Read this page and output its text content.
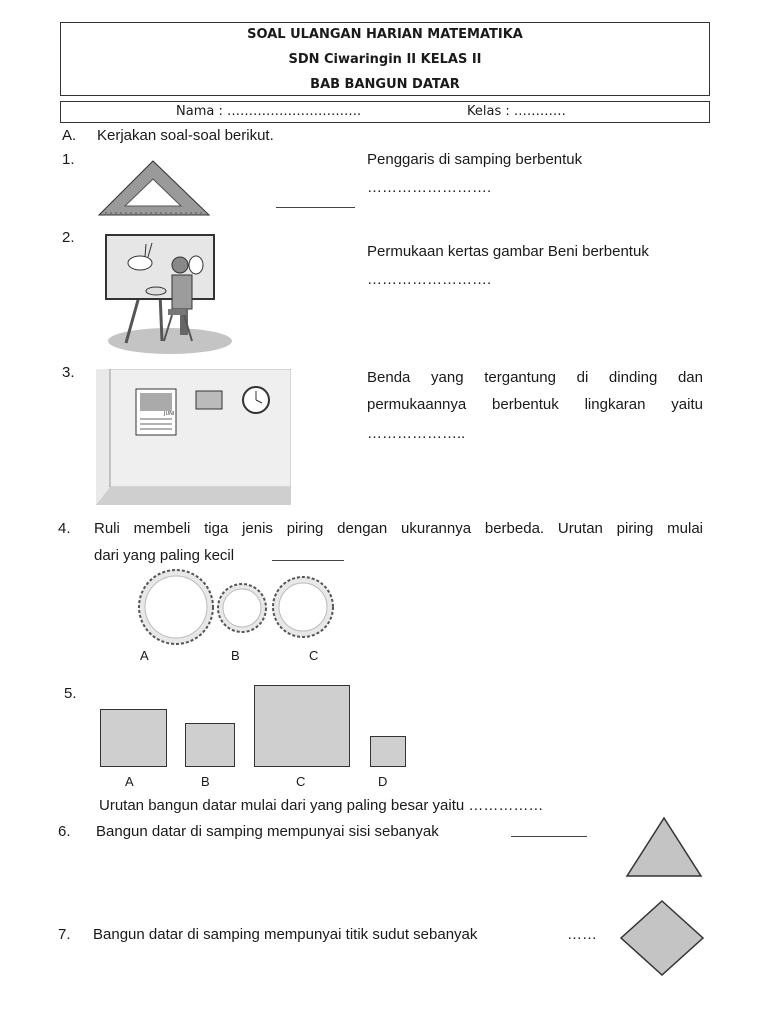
SOAL ULANGAN HARIAN MATEMATIKA
SDN Ciwaringin II KELAS II
BAB BANGUN DATAR
Nama : ………………………….	Kelas : …………
A. Kerjakan soal-soal berikut.
1.	Penggaris di samping berbentuk
…………………….
2.
Permukaan kertas gambar Beni berbentuk
…………………….
3.
JUNI
Benda yang tergantung di dinding dan
permukaannya berbentuk lingkaran yaitu
………………..
4. Ruli membeli tiga jenis piring dengan ukurannya berbeda. Urutan piring mulai
dari yang paling kecil
A	B	C
5.
A	B	C	D
Urutan bangun datar mulai dari yang paling besar yaitu ……………
6. Bangun datar di samping mempunyai sisi sebanyak
7. Bangun datar di samping mempunyai titik sudut sebanyak	……
